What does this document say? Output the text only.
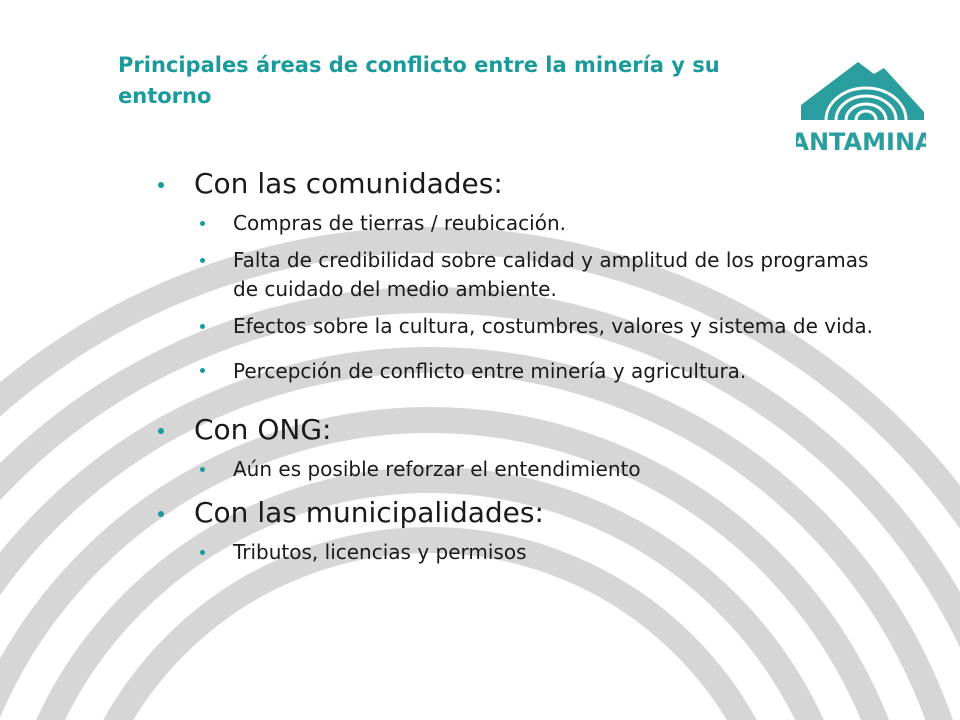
Principales áreas de conflicto entre la minería y su entorno
ANTAMINA
Con las comunidades:
Compras de tierras / reubicación.
Falta de credibilidad sobre calidad y amplitud de los programas de cuidado del medio ambiente.
Efectos sobre la cultura, costumbres, valores y sistema de vida.
Percepción de conflicto entre minería y agricultura.
Con ONG:
Aún es posible reforzar el entendimiento
Con las municipalidades:
Tributos, licencias y permisos
